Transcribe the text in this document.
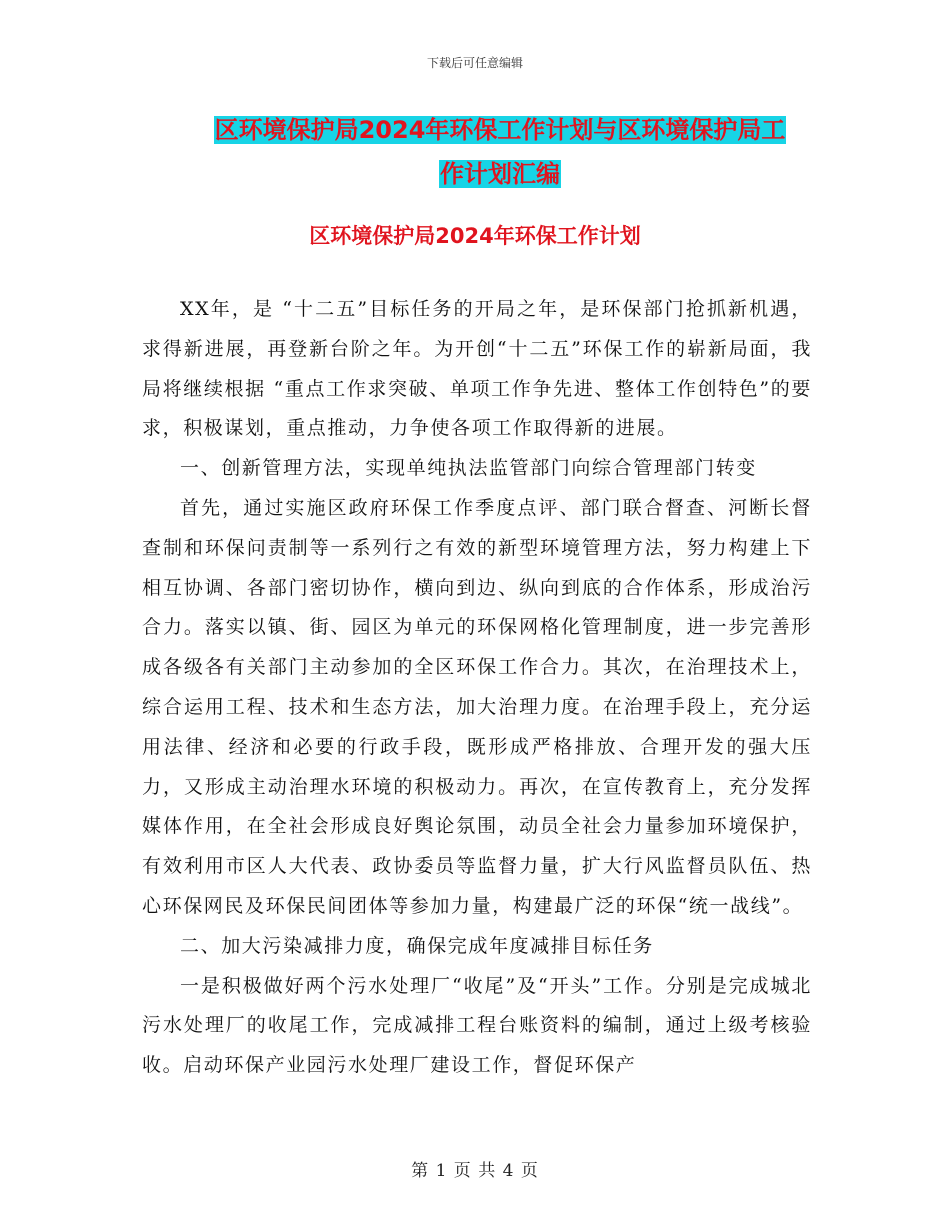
下载后可任意编辑
区环境保护局2024年环保工作计划与区环境保护局工
作计划汇编
区环境保护局2024年环保工作计划

XX年，是 “十二五”目标任务的开局之年，是环保部门抢抓新机遇，求得新进展，再登新台阶之年。为开创“十二五”环保工作的崭新局面，我局将继续根据 “重点工作求突破、单项工作争先进、整体工作创特色”的要求，积极谋划，重点推动，力争使各项工作取得新的进展。

一、创新管理方法，实现单纯执法监管部门向综合管理部门转变

首先，通过实施区政府环保工作季度点评、部门联合督查、河断长督查制和环保问责制等一系列行之有效的新型环境管理方法，努力构建上下相互协调、各部门密切协作，横向到边、纵向到底的合作体系，形成治污合力。落实以镇、街、园区为单元的环保网格化管理制度，进一步完善形成各级各有关部门主动参加的全区环保工作合力。其次，在治理技术上，综合运用工程、技术和生态方法，加大治理力度。在治理手段上，充分运用法律、经济和必要的行政手段，既形成严格排放、合理开发的强大压力，又形成主动治理水环境的积极动力。再次，在宣传教育上，充分发挥媒体作用，在全社会形成良好舆论氛围，动员全社会力量参加环境保护，有效利用市区人大代表、政协委员等监督力量，扩大行风监督员队伍、热心环保网民及环保民间团体等参加力量，构建最广泛的环保“统一战线”。

二、加大污染减排力度，确保完成年度减排目标任务

一是积极做好两个污水处理厂“收尾”及“开头”工作。分别是完成城北污水处理厂的收尾工作，完成减排工程台账资料的编制，通过上级考核验收。启动环保产业园污水处理厂建设工作，督促环保产

第 1 页 共 4 页
